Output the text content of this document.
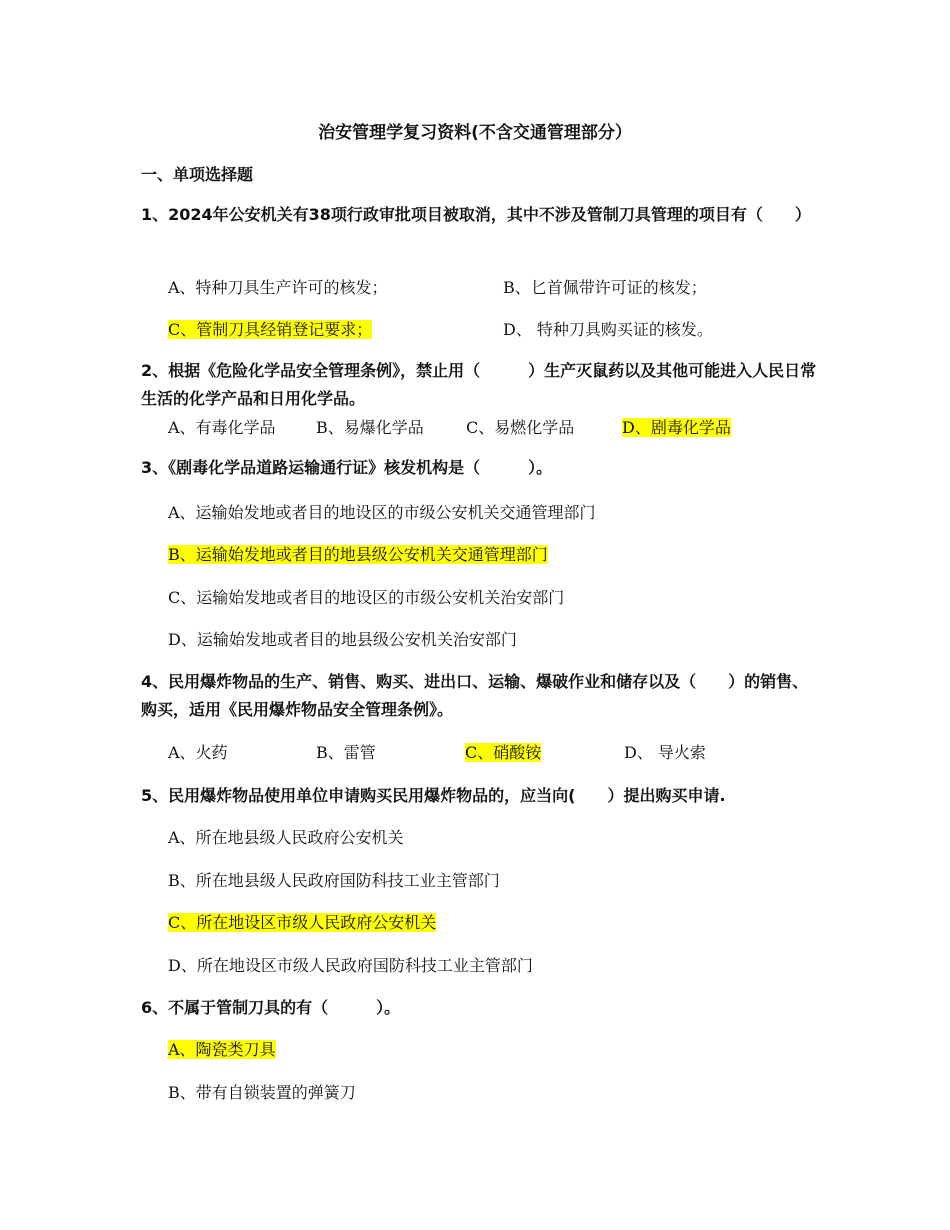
治安管理学复习资料(不含交通管理部分）
一、单项选择题
1、2024年公安机关有38项行政审批项目被取消，其中不涉及管制刀具管理的项目有（　　）
A、特种刀具生产许可的核发；	B、匕首佩带许可证的核发；
C、管制刀具经销登记要求；	D、 特种刀具购买证的核发。
2、根据《危险化学品安全管理条例》，禁止用（　　　）生产灭鼠药以及其他可能进入人民日常生活的化学产品和日用化学品。
A、有毒化学品	B、易爆化学品	C、易燃化学品	D、剧毒化学品
3、《剧毒化学品道路运输通行证》核发机构是（　　　）。
A、运输始发地或者目的地设区的市级公安机关交通管理部门
B、运输始发地或者目的地县级公安机关交通管理部门
C、运输始发地或者目的地设区的市级公安机关治安部门
D、运输始发地或者目的地县级公安机关治安部门
4、民用爆炸物品的生产、销售、购买、进出口、运输、爆破作业和储存以及（　　）的销售、购买，适用《民用爆炸物品安全管理条例》。
A、火药	B、雷管	C、硝酸铵	D、 导火索
5、民用爆炸物品使用单位申请购买民用爆炸物品的，应当向(　　）提出购买申请.
A、所在地县级人民政府公安机关
B、所在地县级人民政府国防科技工业主管部门
C、所在地设区市级人民政府公安机关
D、所在地设区市级人民政府国防科技工业主管部门
6、不属于管制刀具的有（　　　）。
A、陶瓷类刀具
B、带有自锁装置的弹簧刀
